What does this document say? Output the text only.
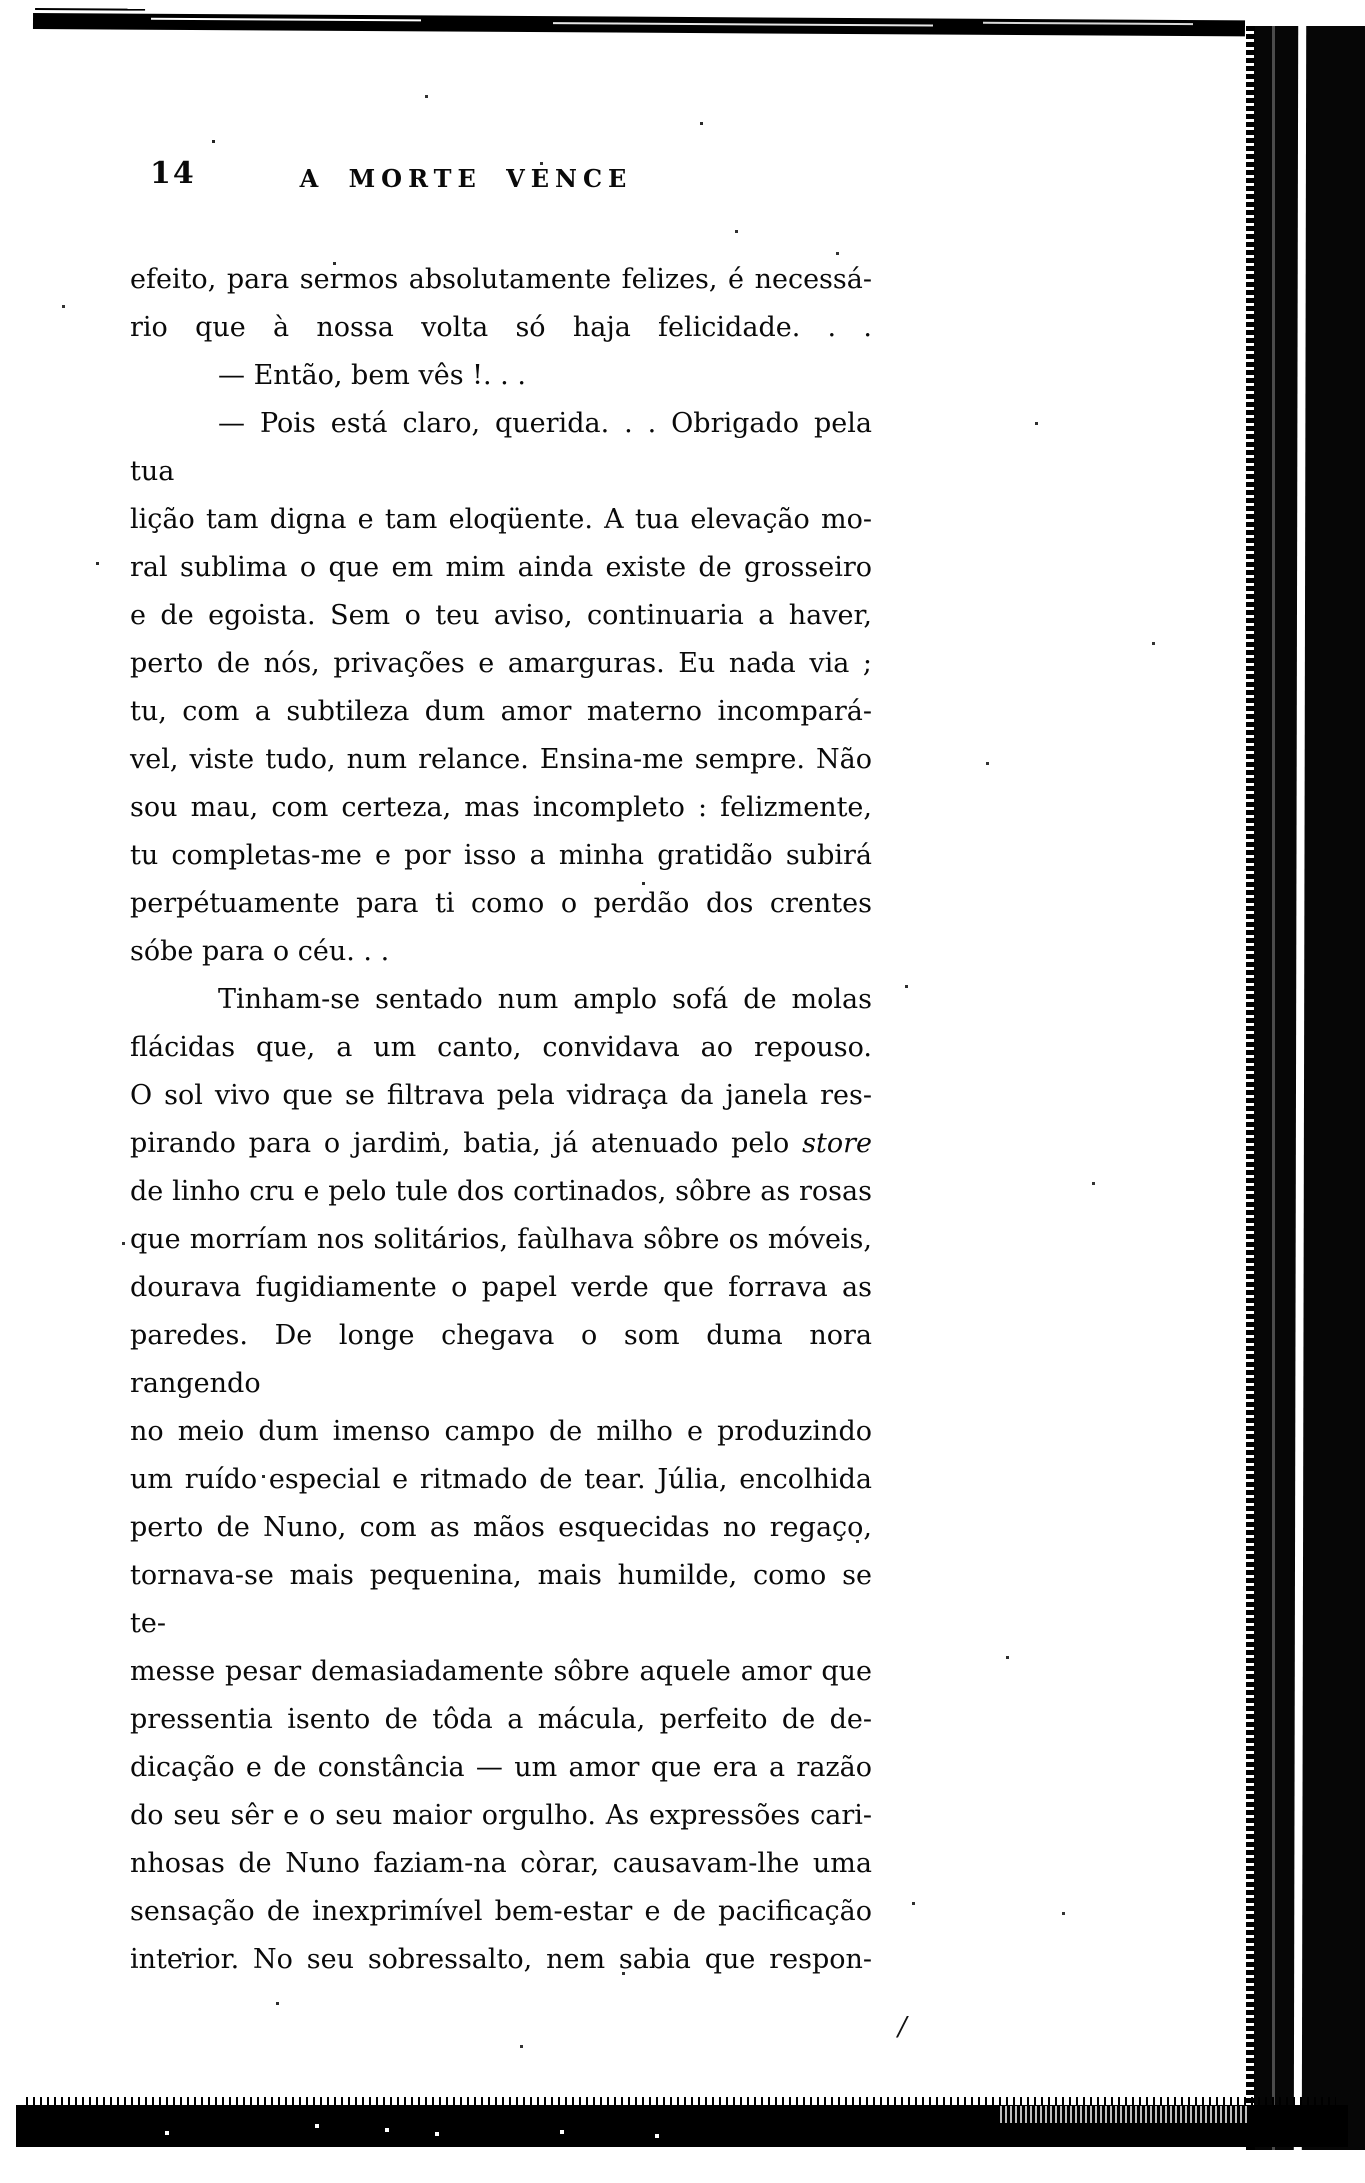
14	A MORTE VENCE
efeito, para sermos absolutamente felizes, é necessá-
rio que à nossa volta só haja felicidade. . .
— Então, bem vês !. . .
— Pois está claro, querida. . . Obrigado pela tua
lição tam digna e tam eloqüente. A tua elevação mo-
ral sublima o que em mim ainda existe de grosseiro
e de egoista. Sem o teu aviso, continuaria a haver,
perto de nós, privações e amarguras. Eu nada via ;
tu, com a subtileza dum amor materno incompará-
vel, viste tudo, num relance. Ensina-me sempre. Não
sou mau, com certeza, mas incompleto : felizmente,
tu completas-me e por isso a minha gratidão subirá
perpétuamente para ti como o perdão dos crentes
sóbe para o céu. . .
Tinham-se sentado num amplo sofá de molas
flácidas que, a um canto, convidava ao repouso.
O sol vivo que se filtrava pela vidraça da janela res-
pirando para o jardim, batia, já atenuado pelo store
de linho cru e pelo tule dos cortinados, sôbre as rosas
que morríam nos solitários, faùlhava sôbre os móveis,
dourava fugidiamente o papel verde que forrava as
paredes. De longe chegava o som duma nora rangendo
no meio dum imenso campo de milho e produzindo
um ruído especial e ritmado de tear. Júlia, encolhida
perto de Nuno, com as mãos esquecidas no regaço,
tornava-se mais pequenina, mais humilde, como se te-
messe pesar demasiadamente sôbre aquele amor que
pressentia isento de tôda a mácula, perfeito de de-
dicação e de constância — um amor que era a razão
do seu sêr e o seu maior orgulho. As expressões cari-
nhosas de Nuno faziam-na còrar, causavam-lhe uma
sensação de inexprimível bem-estar e de pacificação
interior. No seu sobressalto, nem sabia que respon-
/
